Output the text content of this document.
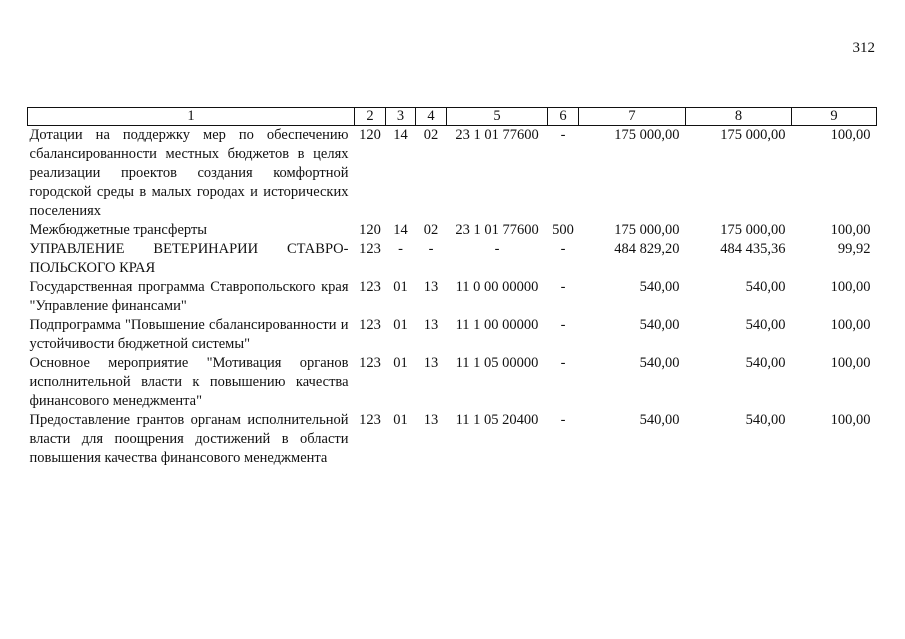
312
1	2	3	4	5	6	7	8	9
Дотации на поддержку мер по обеспечению сбалансированности местных бюджетов в целях реализации проектов создания комфортной городской среды в малых городах и исторических поселениях	120	14	02	23 1 01 77600	-	175 000,00	175 000,00	100,00
Межбюджетные трансферты	120	14	02	23 1 01 77600	500	175 000,00	175 000,00	100,00
УПРАВЛЕНИЕ ВЕТЕРИНАРИИ СТАВРОПОЛЬСКОГО КРАЯ	123	-	-	-	-	484 829,20	484 435,36	99,92
Государственная программа Ставропольского края "Управление финансами"	123	01	13	11 0 00 00000	-	540,00	540,00	100,00
Подпрограмма "Повышение сбалансированности и устойчивости бюджетной системы"	123	01	13	11 1 00 00000	-	540,00	540,00	100,00
Основное мероприятие "Мотивация органов исполнительной власти к повышению качества финансового менеджмента"	123	01	13	11 1 05 00000	-	540,00	540,00	100,00
Предоставление грантов органам исполнительной власти для поощрения достижений в области повышения качества финансового менеджмента	123	01	13	11 1 05 20400	-	540,00	540,00	100,00
